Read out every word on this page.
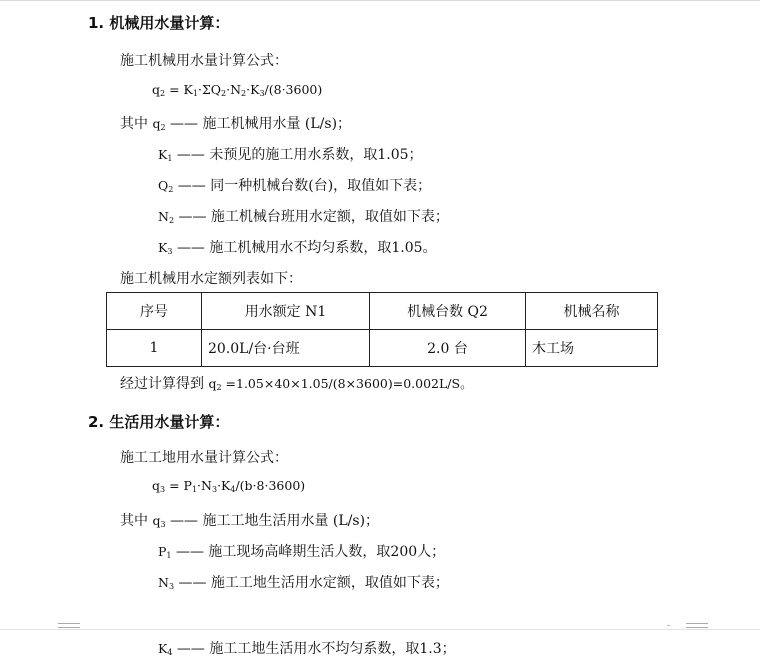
1. 机械用水量计算：
施工机械用水量计算公式：
$q_2 = K_1\cdot\Sigma Q_2\cdot N_2\cdot K_3/(8\cdot 3600)$
其中 $q_2$ —— 施工机械用水量 (L/s)；
$K_1$ —— 未预见的施工用水系数，取1.05；
$Q_2$ —— 同一种机械台数(台)，取值如下表；
$N_2$ —— 施工机械台班用水定额，取值如下表；
$K_3$ —— 施工机械用水不均匀系数，取1.05。
施工机械用水定额列表如下：
序号	用水额定 N1	机械台数 Q2	机械名称
1	20.0L/台·台班	2.0 台	木工场
经过计算得到 $q_2 =1.05\times 40\times 1.05/(8\times 3600)=0.002L/S$。
2. 生活用水量计算：
施工工地用水量计算公式：
$q_3 = P_1\cdot N_3\cdot K_4/(b\cdot 8\cdot 3600)$
其中 $q_3$ —— 施工工地生活用水量 (L/s)；
$P_1$ —— 施工现场高峰期生活人数，取200人；
$N_3$ —— 施工工地生活用水定额，取值如下表；
-
$K_4$ —— 施工工地生活用水不均匀系数，取1.3；
